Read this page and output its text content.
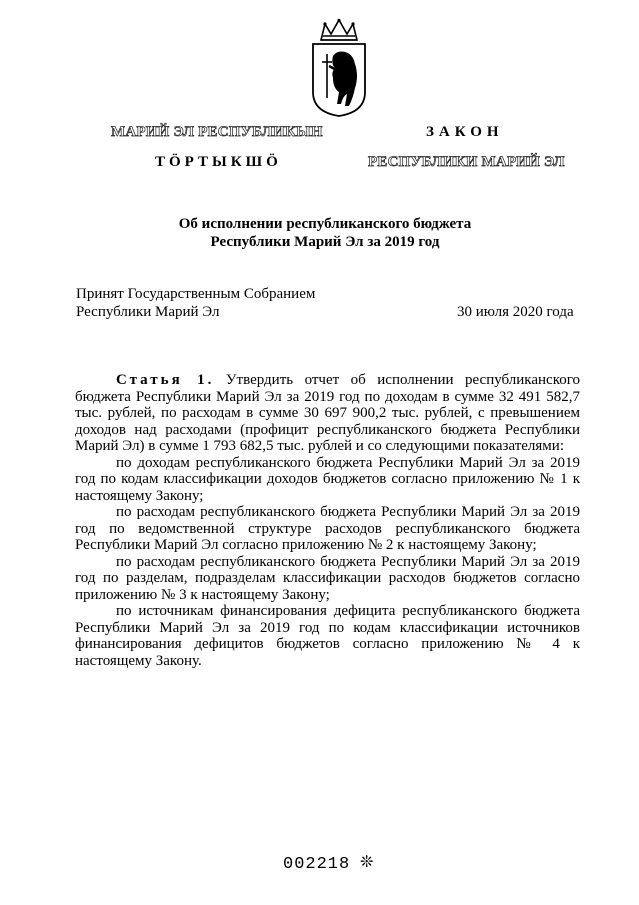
МАРИЙ ЭЛ РЕСПУБЛИКЫН
ТӦРТЫКШӦ
ЗАКОН
РЕСПУБЛИКИ МАРИЙ ЭЛ
Об исполнении республиканского бюджета
Республики Марий Эл за 2019 год
Принят Государственным Собранием
Республики Марий Эл	30 июля 2020 года

Статья 1. Утвердить отчет об исполнении республиканского бюджета Республики Марий Эл за 2019 год по доходам в сумме 32 491 582,7 тыс. рублей, по расходам в сумме 30 697 900,2 тыс. рублей, с превышением доходов над расходами (профицит республиканского бюджета Республики Марий Эл) в сумме 1 793 682,5 тыс. рублей и со следующими показателями:

по доходам республиканского бюджета Республики Марий Эл за 2019 год по кодам классификации доходов бюджетов согласно приложению № 1 к настоящему Закону;

по расходам республиканского бюджета Республики Марий Эл за 2019 год по ведомственной структуре расходов республиканского бюджета Республики Марий Эл согласно приложению № 2 к настоящему Закону;

по расходам республиканского бюджета Республики Марий Эл за 2019 год по разделам, подразделам классификации расходов бюджетов согласно приложению № 3 к настоящему Закону;

по источникам финансирования дефицита республиканского бюджета Республики Марий Эл за 2019 год по кодам классификации источников финансирования дефицитов бюджетов согласно приложению № 4 к настоящему Закону.

002218 ❊
